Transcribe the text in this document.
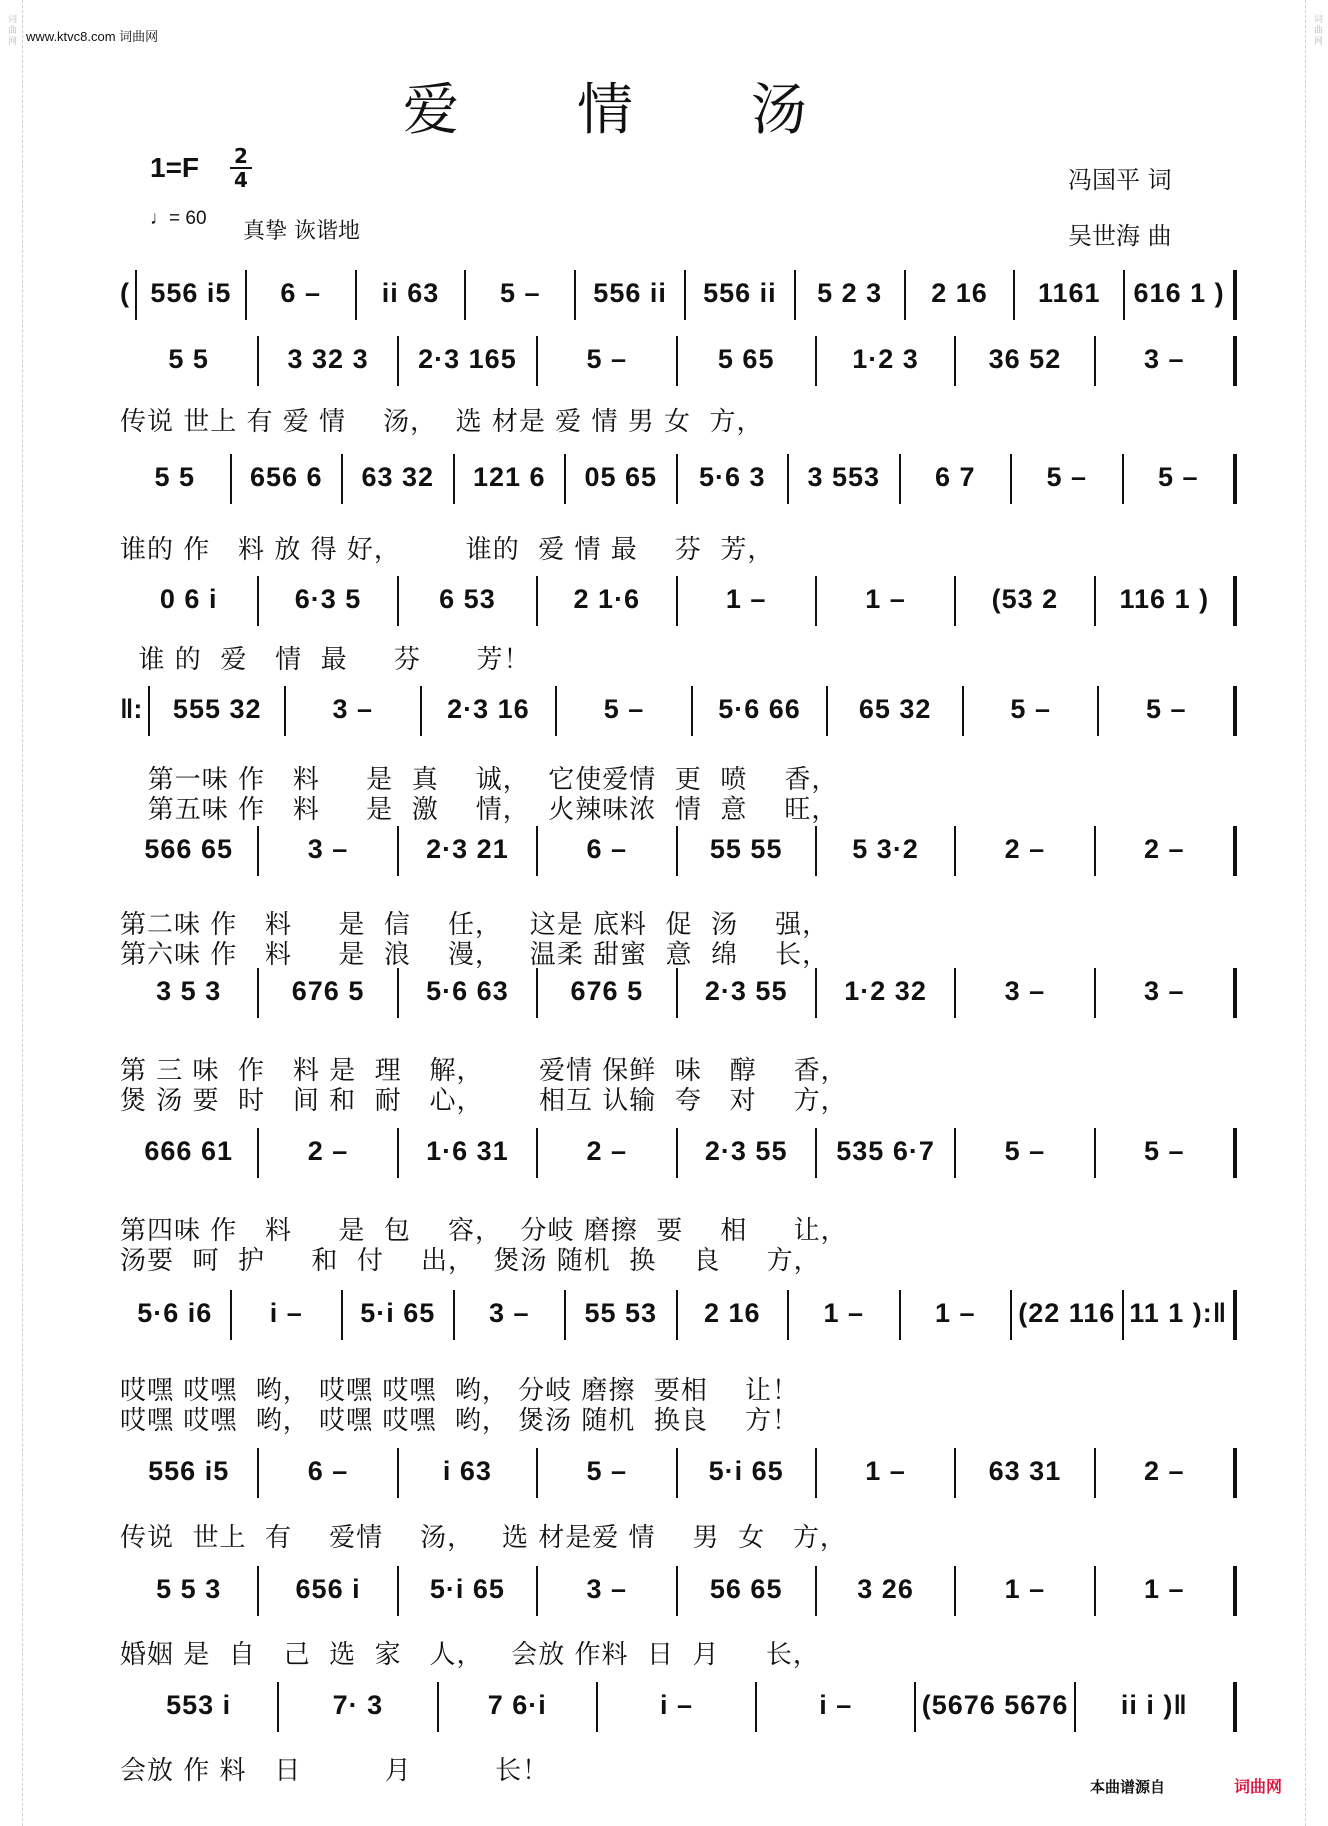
词曲网	词曲网
www.ktvc8.com 词曲网
爱情汤
1=F 2
4
♩= 60
真挚 诙谐地
冯国平 词
吴世海 曲
( 556 i5	6 –	ii 63	5 –	556 ii	556 ii	5 2 3	2 16	1161	616 1 )
5 5	3 32 3	2·3 165	5 –	5 65	1·2 3	36 52	3 –
5 5	656 6	63 32	121 6	05 65	5·6 3	3 553	6 7	5 –	5 –
0 6 i	6·3 5	6 53	2 1·6	1 –	1 –	(53 2	116 1 )
‖:	555 32	3 –	2·3 16	5 –	5·6 66	65 32	5 –	5 –
566 65	3 –	2·3 21	6 –	55 55	5 3·2	2 –	2 –
3 5 3	676 5	5·6 63	676 5	2·3 55	1·2 32	3 –	3 –
666 61	2 –	1·6 31	2 –	2·3 55	535 6·7	5 –	5 –
5·6 i6	i –	5·i 65	3 –	55 53	2 16	1 –	1 –	(22 116 11 1 ):‖
556 i5	6 –	i 63	5 –	5·i 65	1 –	63 31	2 –
5 5 3	656 i	5·i 65	3 –	56 65	3 26	1 –	1 –
553 i	7· 3	7 6·i	i –	i –	(5676 5676	ii i )‖
传说 世上 有 爱 情    汤，  选 材是 爱 情 男 女  方，
谁的 作   料 放 得 好，       谁的  爱 情 最    芬  芳，
谁 的  爱   情  最     芬      芳！
第一味 作   料     是  真    诚，  它使爱情  更  喷    香，
第五味 作   料     是  激    情，  火辣味浓  情  意    旺，
第二味 作   料     是  信    任，   这是 底料  促  汤    强，
第六味 作   料     是  浪    漫，   温柔 甜蜜  意  绵    长，
第 三 味  作   料 是  理   解，      爱情 保鲜  味   醇    香，
煲 汤 要  时   间 和  耐   心，      相互 认输  夸   对    方，
第四味 作   料     是  包    容，  分岐 磨擦  要    相     让，
汤要  呵  护     和  付    出，  煲汤 随机  换    良     方，
哎嘿 哎嘿  哟， 哎嘿 哎嘿  哟， 分岐 磨擦  要相    让！
哎嘿 哎嘿  哟， 哎嘿 哎嘿  哟， 煲汤 随机  换良    方！
传说  世上  有    爱情    汤，   选 材是爱 情    男  女   方，
婚姻 是  自   己  选  家   人，   会放 作料  日  月     长，
会放 作 料   日         月         长！
本曲谱源自	词曲网
